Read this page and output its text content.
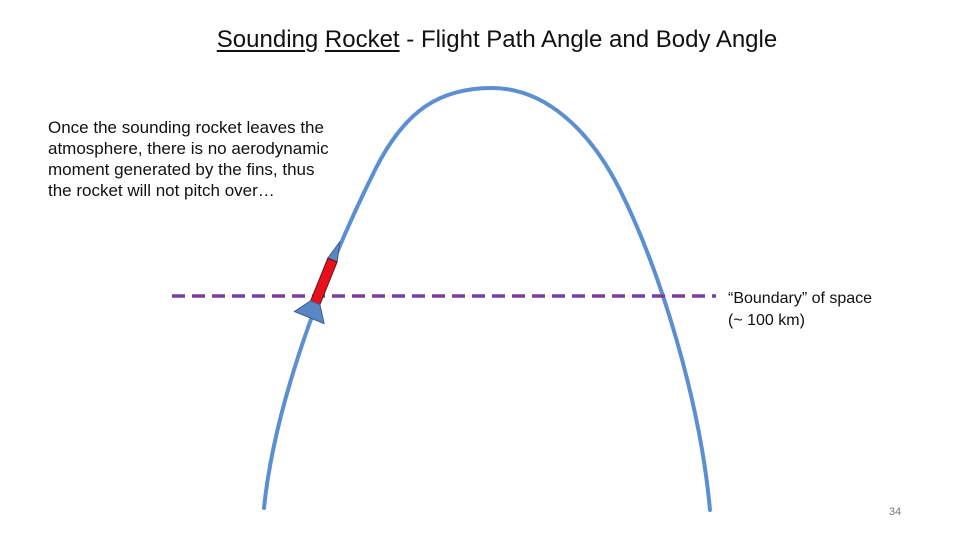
Sounding Rocket - Flight Path Angle and Body Angle
Once the sounding rocket leaves the atmosphere, there is no aerodynamic moment generated by the fins, thus the rocket will not pitch over…
“Boundary” of space
(~ 100 km)
34
